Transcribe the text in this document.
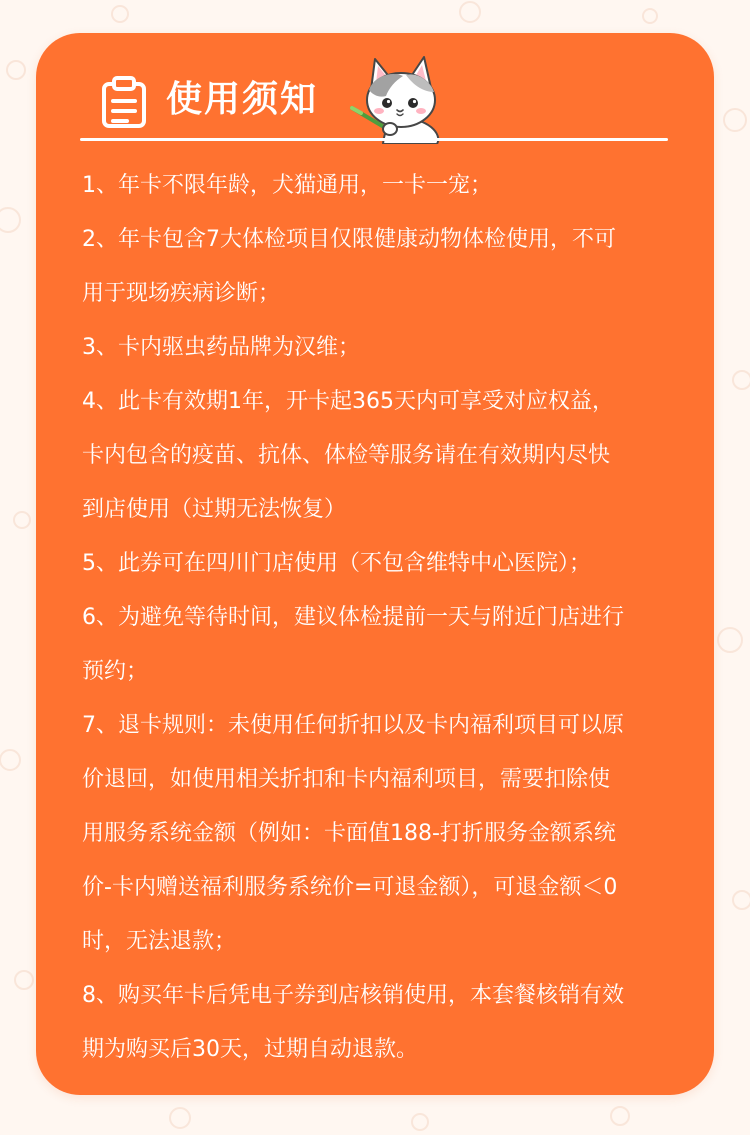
使用须知
1、年卡不限年龄，犬猫通用，一卡一宠；
2、年卡包含7大体检项目仅限健康动物体检使用，不可
用于现场疾病诊断；
3、卡内驱虫药品牌为汉维；
4、此卡有效期1年，开卡起365天内可享受对应权益，
卡内包含的疫苗、抗体、体检等服务请在有效期内尽快
到店使用（过期无法恢复）
5、此券可在四川门店使用（不包含维特中心医院）；
6、为避免等待时间，建议体检提前一天与附近门店进行
预约；
7、退卡规则：未使用任何折扣以及卡内福利项目可以原
价退回，如使用相关折扣和卡内福利项目，需要扣除使
用服务系统金额（例如：卡面值188-打折服务金额系统
价-卡内赠送福利服务系统价=可退金额），可退金额＜0
时，无法退款；
8、购买年卡后凭电子券到店核销使用，本套餐核销有效
期为购买后30天，过期自动退款。
